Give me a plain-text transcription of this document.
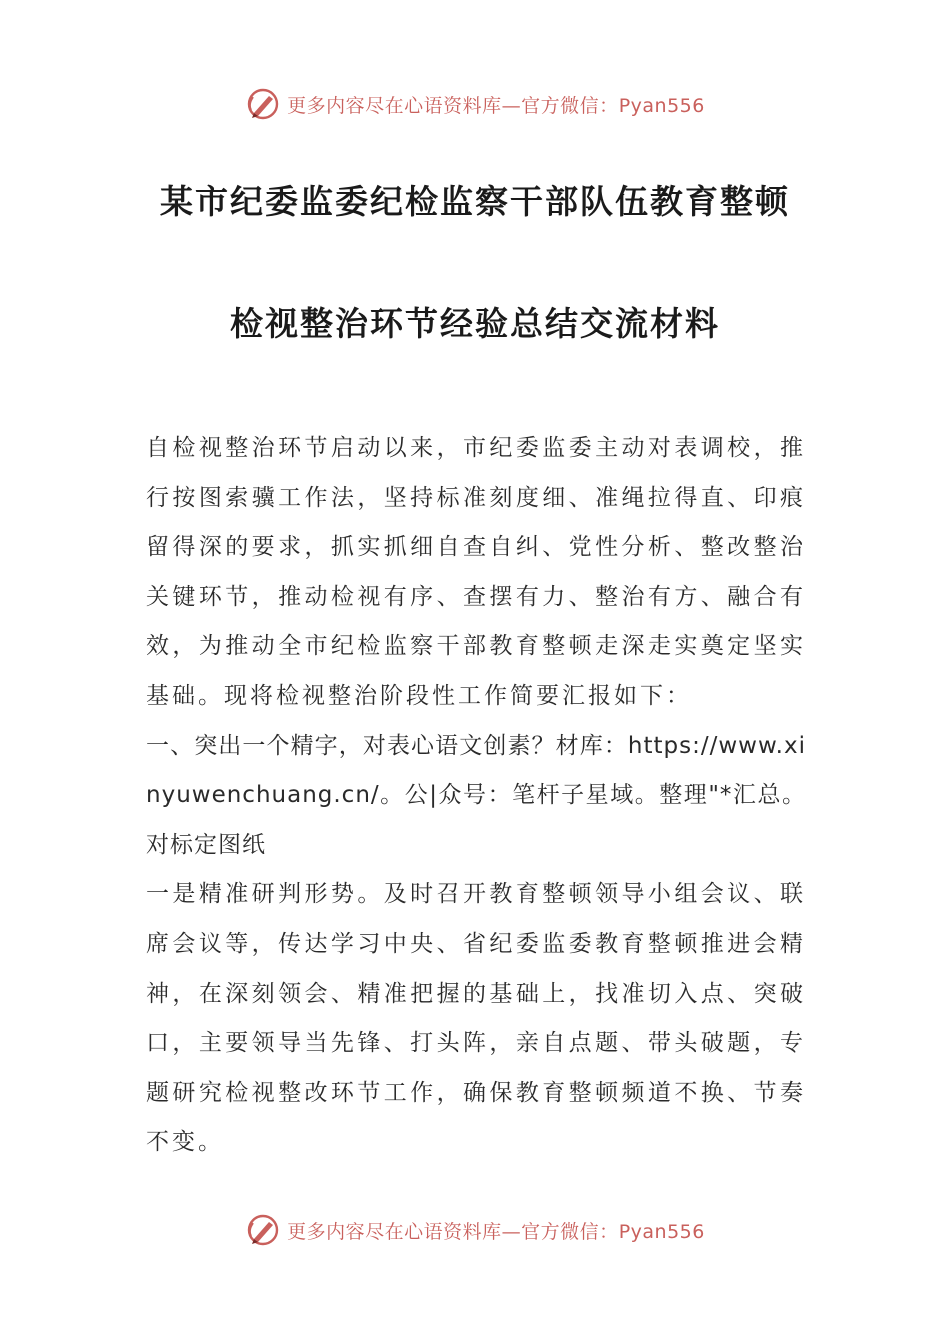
更多内容尽在心语资料库—官方微信：Pyan556
某市纪委监委纪检监察干部队伍教育整顿
检视整治环节经验总结交流材料

自检视整治环节启动以来，市纪委监委主动对表调校，推行按图索骥工作法，坚持标准刻度细、准绳拉得直、印痕留得深的要求，抓实抓细自查自纠、党性分析、整改整治关键环节，推动检视有序、查摆有力、整治有方、融合有效，为推动全市纪检监察干部教育整顿走深走实奠定坚实基础。现将检视整治阶段性工作简要汇报如下：

一、突出一个精字，对表心语文创素？材库：https://www.xinyuwenchuang.cn/。公|众号：笔杆子星域。整理"*汇总。对标定图纸

一是精准研判形势。及时召开教育整顿领导小组会议、联席会议等，传达学习中央、省纪委监委教育整顿推进会精神，在深刻领会、精准把握的基础上，找准切入点、突破口，主要领导当先锋、打头阵，亲自点题、带头破题，专题研究检视整改环节工作，确保教育整顿频道不换、节奏不变。

更多内容尽在心语资料库—官方微信：Pyan556
